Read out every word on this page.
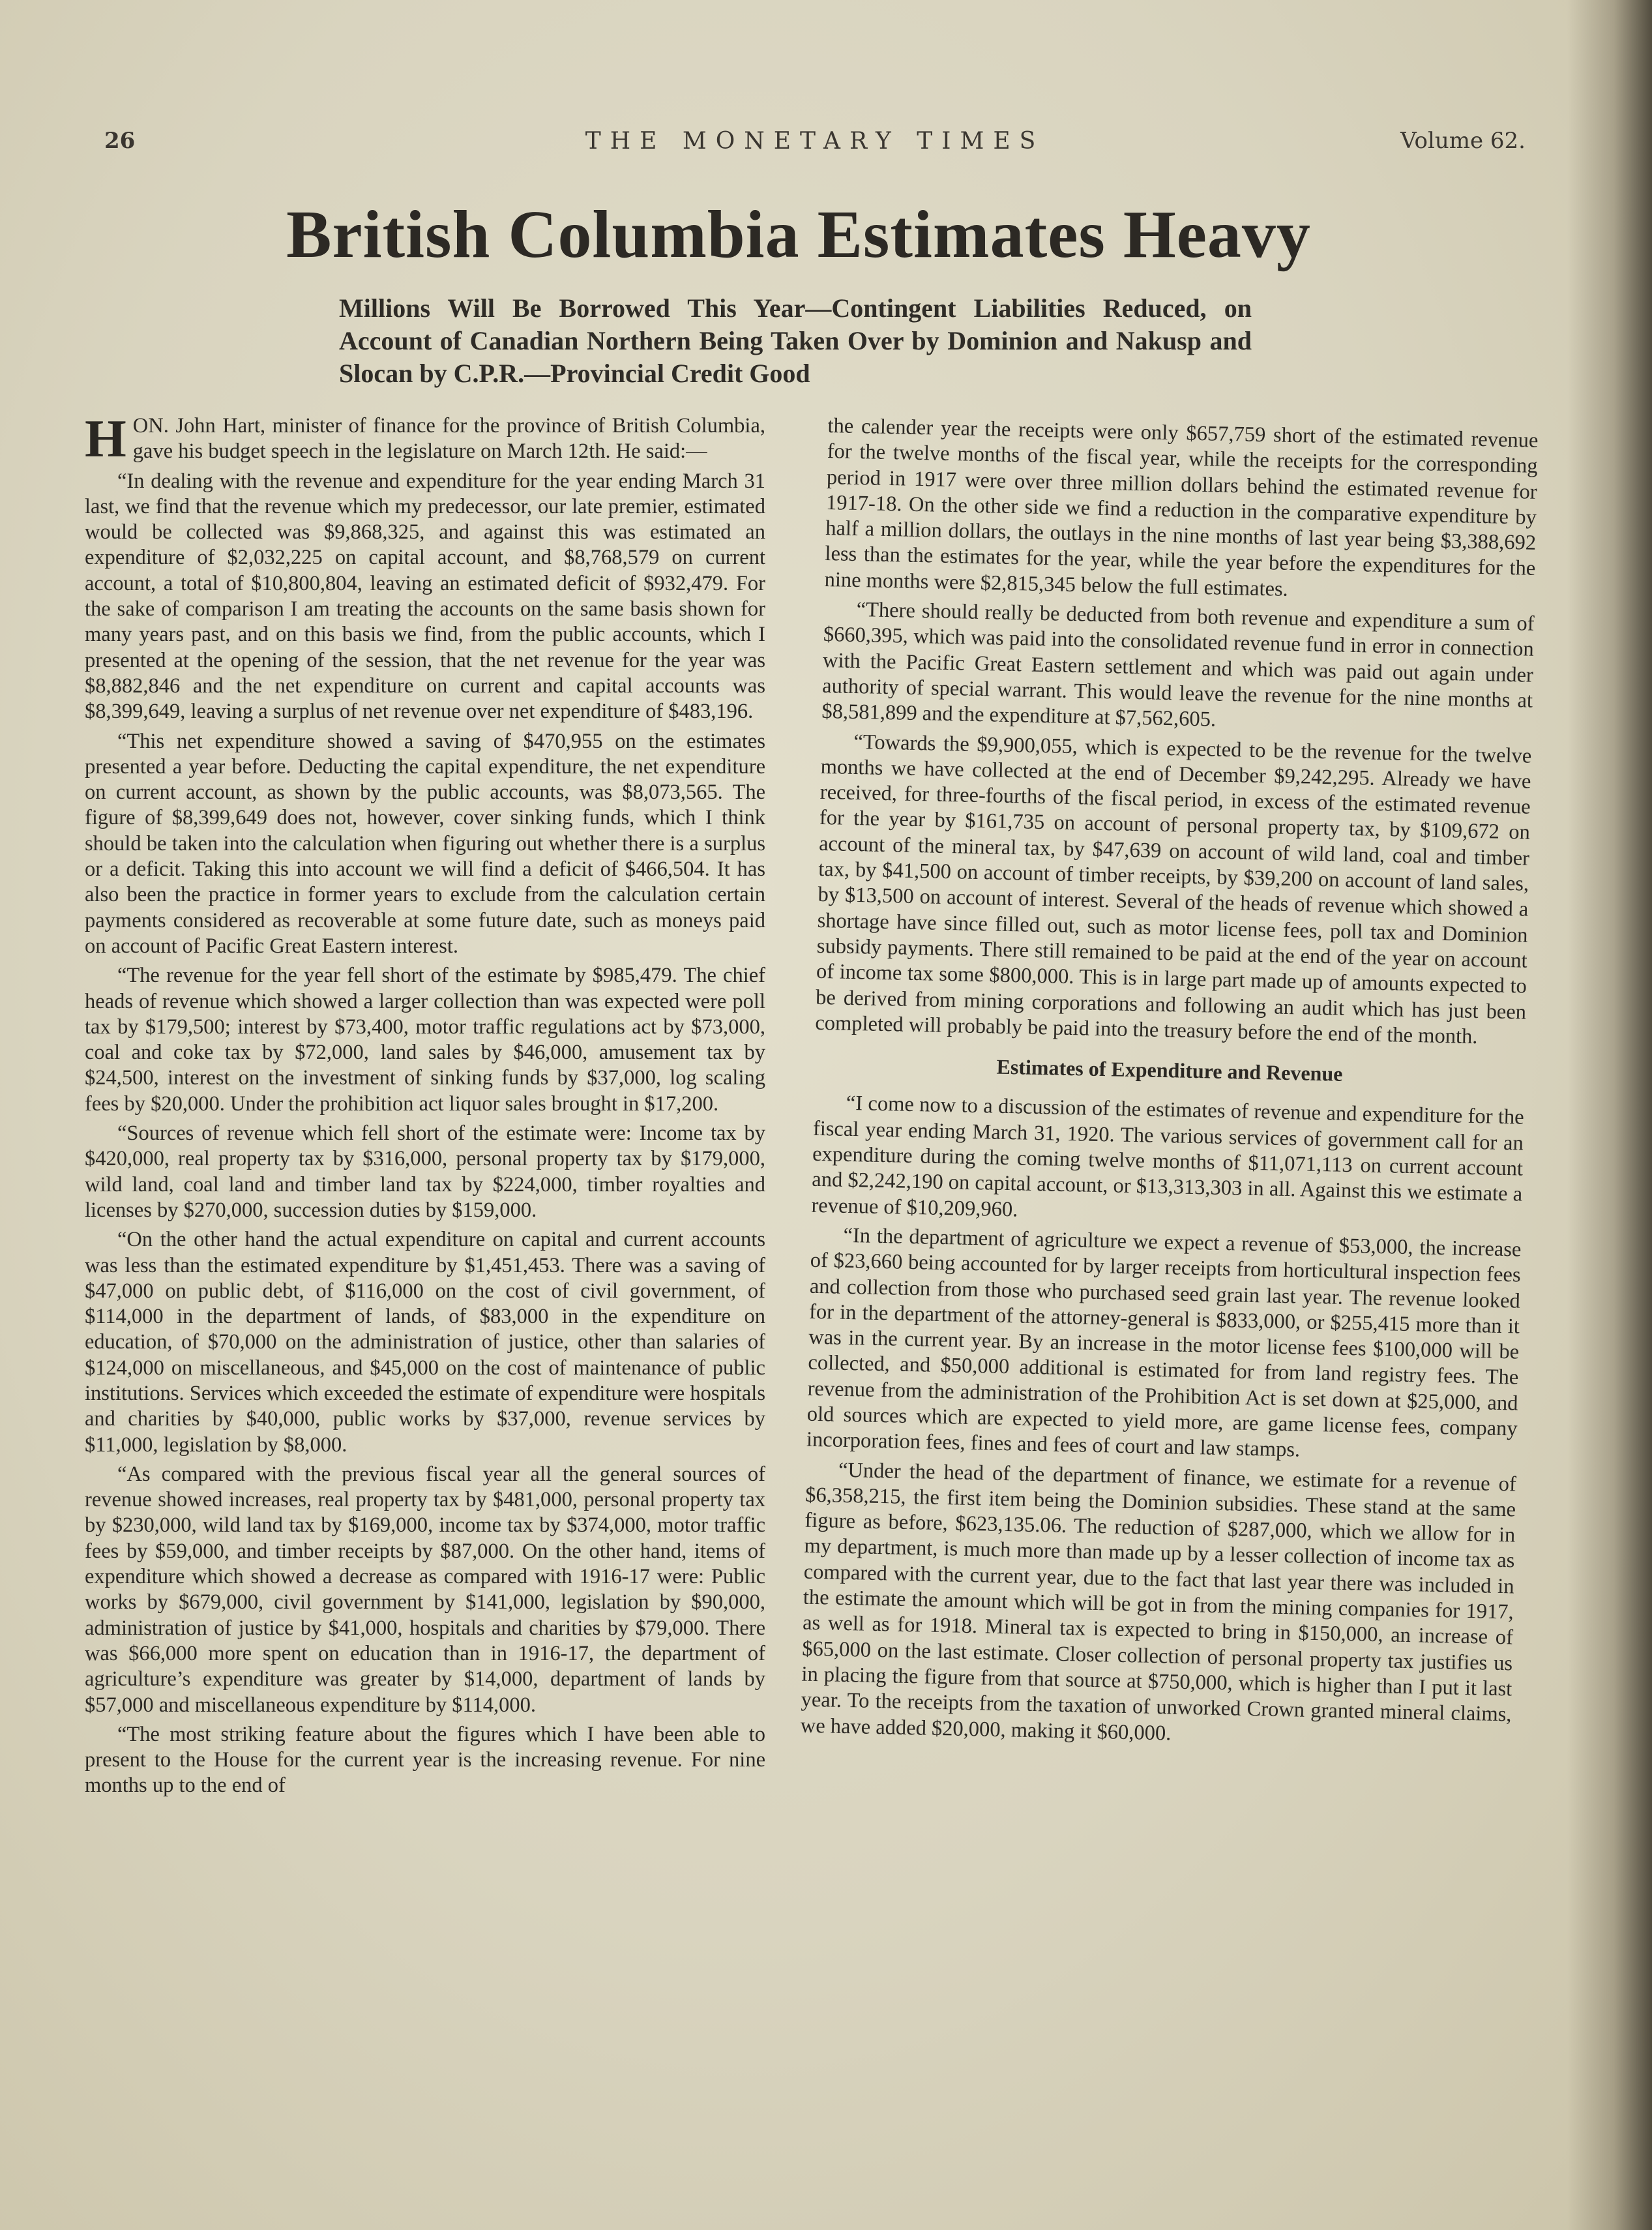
26	THE MONETARY TIMES	Volume 62.
British Columbia Estimates Heavy
Millions Will Be Borrowed This Year—Contingent Liabilities Reduced, on Account of Canadian Northern Being Taken Over by Dominion and Nakusp and Slocan by C.P.R.—Provincial Credit Good

HON. John Hart, minister of finance for the province of British Columbia, gave his budget speech in the legislature on March 12th. He said:—

“In dealing with the revenue and expenditure for the year ending March 31 last, we find that the revenue which my predecessor, our late premier, estimated would be collected was $9,868,325, and against this was estimated an expenditure of $2,032,225 on capital account, and $8,768,579 on current account, a total of $10,800,804, leaving an estimated deficit of $932,479. For the sake of comparison I am treating the accounts on the same basis shown for many years past, and on this basis we find, from the public accounts, which I presented at the opening of the session, that the net revenue for the year was $8,882,846 and the net expenditure on current and capital accounts was $8,399,649, leaving a surplus of net revenue over net expenditure of $483,196.

“This net expenditure showed a saving of $470,955 on the estimates presented a year before. Deducting the capital expenditure, the net expenditure on current account, as shown by the public accounts, was $8,073,565. The figure of $8,399,649 does not, however, cover sinking funds, which I think should be taken into the calculation when figuring out whether there is a surplus or a deficit. Taking this into account we will find a deficit of $466,504. It has also been the practice in former years to exclude from the calculation certain payments considered as recoverable at some future date, such as moneys paid on account of Pacific Great Eastern interest.

“The revenue for the year fell short of the estimate by $985,479. The chief heads of revenue which showed a larger collection than was expected were poll tax by $179,500; interest by $73,400, motor traffic regulations act by $73,000, coal and coke tax by $72,000, land sales by $46,000, amusement tax by $24,500, interest on the investment of sinking funds by $37,000, log scaling fees by $20,000. Under the prohibition act liquor sales brought in $17,200.

“Sources of revenue which fell short of the estimate were: Income tax by $420,000, real property tax by $316,000, personal property tax by $179,000, wild land, coal land and timber land tax by $224,000, timber royalties and licenses by $270,000, succession duties by $159,000.

“On the other hand the actual expenditure on capital and current accounts was less than the estimated expenditure by $1,451,453. There was a saving of $47,000 on public debt, of $116,000 on the cost of civil government, of $114,000 in the department of lands, of $83,000 in the expenditure on education, of $70,000 on the administration of justice, other than salaries of $124,000 on miscellaneous, and $45,000 on the cost of maintenance of public institutions. Services which exceeded the estimate of expenditure were hospitals and charities by $40,000, public works by $37,000, revenue services by $11,000, legislation by $8,000.

“As compared with the previous fiscal year all the general sources of revenue showed increases, real property tax by $481,000, personal property tax by $230,000, wild land tax by $169,000, income tax by $374,000, motor traffic fees by $59,000, and timber receipts by $87,000. On the other hand, items of expenditure which showed a decrease as compared with 1916-17 were: Public works by $679,000, civil government by $141,000, legislation by $90,000, administration of justice by $41,000, hospitals and charities by $79,000. There was $66,000 more spent on education than in 1916-17, the department of agriculture’s expenditure was greater by $14,000, department of lands by $57,000 and miscellaneous expenditure by $114,000.

“The most striking feature about the figures which I have been able to present to the House for the current year is the increasing revenue. For nine months up to the end of

the calender year the receipts were only $657,759 short of the estimated revenue for the twelve months of the fiscal year, while the receipts for the corresponding period in 1917 were over three million dollars behind the estimated revenue for 1917-18. On the other side we find a reduction in the comparative expenditure by half a million dollars, the outlays in the nine months of last year being $3,388,692 less than the estimates for the year, while the year before the expenditures for the nine months were $2,815,345 below the full estimates.

“There should really be deducted from both revenue and expenditure a sum of $660,395, which was paid into the consolidated revenue fund in error in connection with the Pacific Great Eastern settlement and which was paid out again under authority of special warrant. This would leave the revenue for the nine months at $8,581,899 and the expenditure at $7,562,605.

“Towards the $9,900,055, which is expected to be the revenue for the twelve months we have collected at the end of December $9,242,295. Already we have received, for three-fourths of the fiscal period, in excess of the estimated revenue for the year by $161,735 on account of personal property tax, by $109,672 on account of the mineral tax, by $47,639 on account of wild land, coal and timber tax, by $41,500 on account of timber receipts, by $39,200 on account of land sales, by $13,500 on account of interest. Several of the heads of revenue which showed a shortage have since filled out, such as motor license fees, poll tax and Dominion subsidy payments. There still remained to be paid at the end of the year on account of income tax some $800,000. This is in large part made up of amounts expected to be derived from mining corporations and following an audit which has just been completed will probably be paid into the treasury before the end of the month.

Estimates of Expenditure and Revenue

“I come now to a discussion of the estimates of revenue and expenditure for the fiscal year ending March 31, 1920. The various services of government call for an expenditure during the coming twelve months of $11,071,113 on current account and $2,242,190 on capital account, or $13,313,303 in all. Against this we estimate a revenue of $10,209,960.

“In the department of agriculture we expect a revenue of $53,000, the increase of $23,660 being accounted for by larger receipts from horticultural inspection fees and collection from those who purchased seed grain last year. The revenue looked for in the department of the attorney-general is $833,000, or $255,415 more than it was in the current year. By an increase in the motor license fees $100,000 will be collected, and $50,000 additional is estimated for from land registry fees. The revenue from the administration of the Prohibition Act is set down at $25,000, and old sources which are expected to yield more, are game license fees, company incorporation fees, fines and fees of court and law stamps.

“Under the head of the department of finance, we estimate for a revenue of $6,358,215, the first item being the Dominion subsidies. These stand at the same figure as before, $623,135.06. The reduction of $287,000, which we allow for in my department, is much more than made up by a lesser collection of income tax as compared with the current year, due to the fact that last year there was included in the estimate the amount which will be got in from the mining companies for 1917, as well as for 1918. Mineral tax is expected to bring in $150,000, an increase of $65,000 on the last estimate. Closer collection of personal property tax justifies us in placing the figure from that source at $750,000, which is higher than I put it last year. To the receipts from the taxation of unworked Crown granted mineral claims, we have added $20,000, making it $60,000.
